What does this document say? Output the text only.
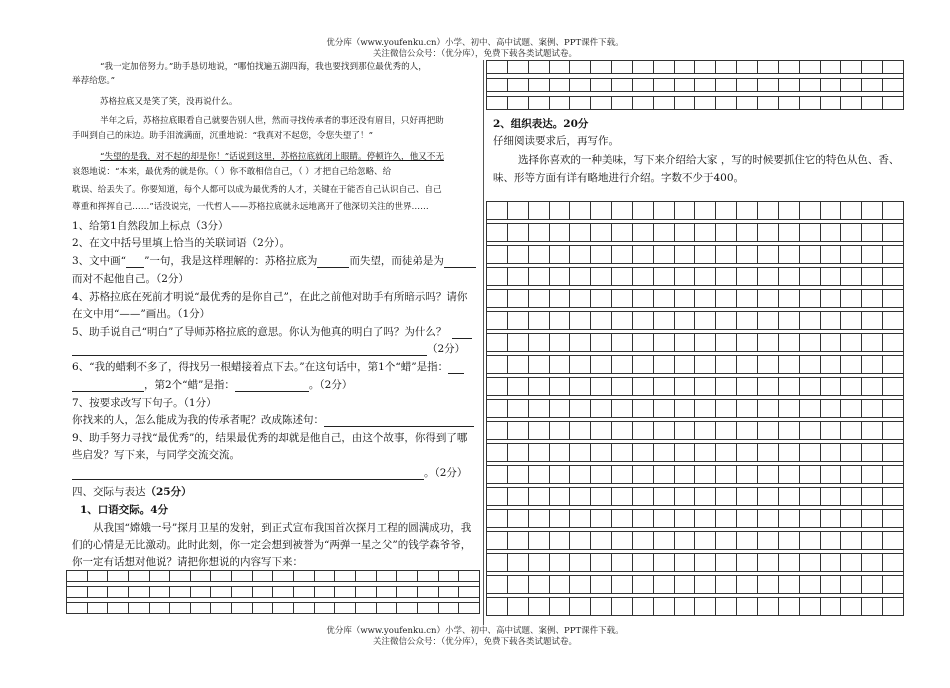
优分库（www.youfenku.cn）小学、初中、高中试题、案例、PPT课件下载。
关注微信公众号：（优分库），免费下载各类试题试卷。
“我一定加倍努力。”助手恳切地说，“哪怕找遍五湖四海，我也要找到那位最优秀的人，
举荐给您。”
苏格拉底又是笑了笑，没再说什么。
半年之后，苏格拉底眼看自己就要告别人世，然而寻找传承者的事还没有眉目，只好再把助
手叫到自己的床边。助手泪流满面，沉重地说：“我真对不起您，令您失望了！”
“失望的是我，对不起的却是你！”话说到这里，苏格拉底就闭上眼睛。停顿许久，他又不无
哀怨地说：“本来，最优秀的就是你。（ ）你不敢相信自己，（ ）才把自己给忽略、给
耽误、给丢失了。你要知道，每个人都可以成为最优秀的人才，关键在于能否自己认识自己、自己
尊重和挥挥自己……”话没说完，一代哲人——苏格拉底就永远地离开了他深切关注的世界……
1、给第1自然段加上标点（3分）
2、在文中括号里填上恰当的关联词语（2分）。
3、文中画“ ”一句，我是这样理解的：苏格拉底为	而失望，而徒弟是为
而对不起他自己。（2分）
4、苏格拉底在死前才明说“最优秀的是你自己”，在此之前他对助手有所暗示吗？请你
在文中用“——”画出。（1分）
5、助手说自己“明白”了导师苏格拉底的意思。你认为他真的明白了吗？为什么？
（2分）
6、“我的蜡剩不多了，得找另一根蜡接着点下去。”在这句话中，第1个“蜡”是指：
，第2个“蜡”是指：	。（2分）
7、按要求改写下句子。（1分）
你找来的人，怎么能成为我的传承者呢？改成陈述句：
9、助手努力寻找“最优秀”的，结果最优秀的却就是他自己，由这个故事，你得到了哪
些启发？写下来，与同学交流交流。
。（2分）
四、交际与表达（25分）
1、口语交际。4分
从我国“嫦娥一号”探月卫星的发射，到正式宣布我国首次探月工程的圆满成功，我
们的心情是无比激动。此时此刻，你一定会想到被誉为“两弹一星之父”的钱学森爷爷，
你一定有话想对他说？请把你想说的内容写下来：

2、组织表达。20分
仔细阅读要求后，再写作。
选择你喜欢的一种美味，写下来介绍给大家 ，写的时候要抓住它的特色从色、香、
味、形等方面有详有略地进行介绍。字数不少于400。

优分库（www.youfenku.cn）小学、初中、高中试题、案例、PPT课件下载。
关注微信公众号：（优分库），免费下载各类试题试卷。
